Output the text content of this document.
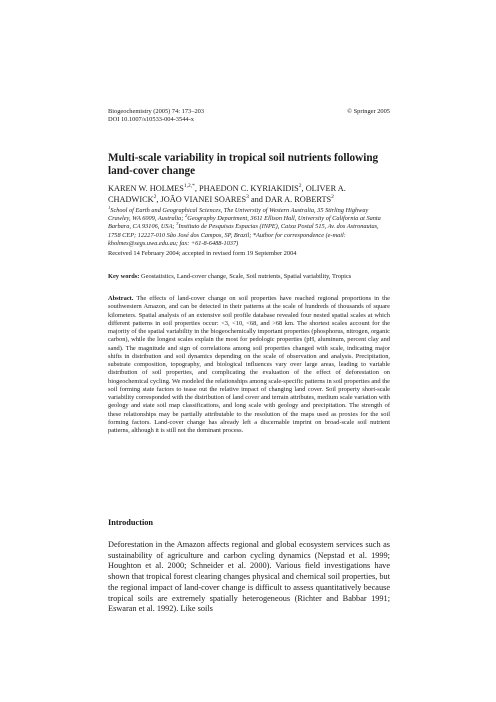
Biogeochemistry (2005) 74: 173–203
DOI 10.1007/s10533-004-3544-x
© Springer 2005
Multi-scale variability in tropical soil nutrients following land-cover change

KAREN W. $HOLMES^{1,2,*}$, PHAEDON C. KYRIAKIDIS$^2$, OLIVER A. CHADWICK$^2$, JOÃO VIANEI SOARES$^3$ and DAR A. ROBERTS$^2$

$^1$School of Earth and Geographical Sciences, The University of Western Australia, 35 Stirling Highway Crawley, WA 6009, Australia; $^2$Geography Department, 3611 Ellison Hall, University of California at Santa Barbara, CA 93106, USA; $^3$Instituto de Pesquisas Espacias (INPE), Caixa Postal 515, Av. dos Astronautas, 1758 CEP; 12227-010 São José dos Campos, SP, Brazil; *Author for correspondence (e-mail: kholmes@segs.uwa.edu.au; fax: +61-8-6488-1037)

Received 14 February 2004; accepted in revised form 19 September 2004

Key words: Geostatistics, Land-cover change, Scale, Soil nutrients, Spatial variability, Tropics

Abstract. The effects of land-cover change on soil properties have reached regional proportions in the southwestern Amazon, and can be detected in their patterns at the scale of hundreds of thousands of square kilometers. Spatial analysis of an extensive soil profile database revealed four nested spatial scales at which different patterns in soil properties occur: <3, <10, <68, and >68 km. The shortest scales account for the majority of the spatial variability in the biogeochemically important properties (phosphorus, nitrogen, organic carbon), while the longest scales explain the most for pedologic properties (pH, aluminum, percent clay and sand). The magnitude and sign of correlations among soil properties changed with scale, indicating major shifts in distribution and soil dynamics depending on the scale of observation and analysis. Precipitation, substrate composition, topography, and biological influences vary over large areas, leading to variable distribution of soil properties, and complicating the evaluation of the effect of deforestation on biogeochemical cycling. We modeled the relationships among scale-specific patterns in soil properties and the soil forming state factors to tease out the relative impact of changing land cover. Soil property short-scale variability corresponded with the distribution of land cover and terrain attributes, medium scale variation with geology and state soil map classifications, and long scale with geology and precipitation. The strength of these relationships may be partially attributable to the resolution of the maps used as proxies for the soil forming factors. Land-cover change has already left a discernable imprint on broad-scale soil nutrient patterns, although it is still not the dominant process.

Introduction

Deforestation in the Amazon affects regional and global ecosystem services such as sustainability of agriculture and carbon cycling dynamics (Nepstad et al. 1999; Houghton et al. 2000; Schneider et al. 2000). Various field investigations have shown that tropical forest clearing changes physical and chemical soil properties, but the regional impact of land-cover change is difficult to assess quantitatively because tropical soils are extremely spatially heterogeneous (Richter and Babbar 1991; Eswaran et al. 1992). Like soils
